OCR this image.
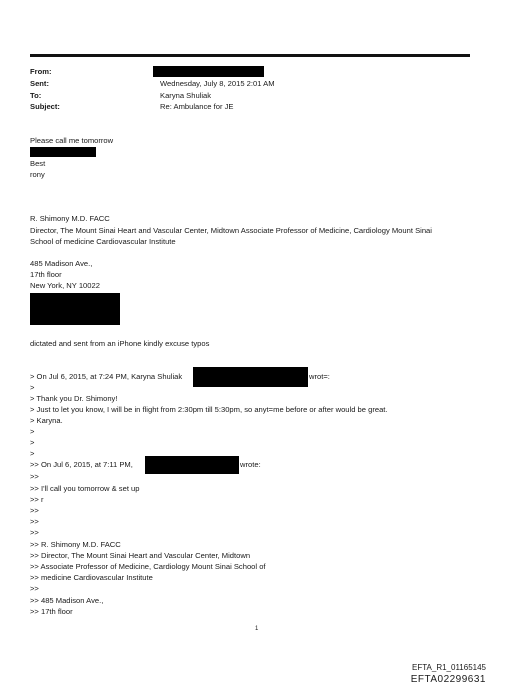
From:
Sent:
To:
Subject:
Wednesday, July 8, 2015 2:01 AM
Karyna Shuliak
Re: Ambulance for JE
Please call me tomorrow
Best
rony
R. Shimony M.D. FACC
Director, The Mount Sinai Heart and Vascular Center, Midtown Associate Professor of Medicine, Cardiology Mount Sinai
School of medicine Cardiovascular Institute
485 Madison Ave.,
17th floor
New York, NY 10022
dictated and sent from an iPhone kindly excuse typos
> On Jul 6, 2015, at 7:24 PM, Karyna Shuliak	wrot=:
>
> Thank you Dr. Shimony!
> Just to let you know, I will be in flight from 2:30pm till 5:30pm, so anyt=me before or after would be great.
> Karyna.
>
>
>
>> On Jul 6, 2015, at 7:11 PM,	wrote:
>>
>> I'll call you tomorrow & set up
>> r
>>
>>
>>
>> R. Shimony M.D. FACC
>> Director, The Mount Sinai Heart and Vascular Center, Midtown
>> Associate Professor of Medicine, Cardiology Mount Sinai School of
>> medicine Cardiovascular Institute
>>
>> 485 Madison Ave.,
>> 17th floor
1
EFTA_R1_01165145
EFTA02299631
